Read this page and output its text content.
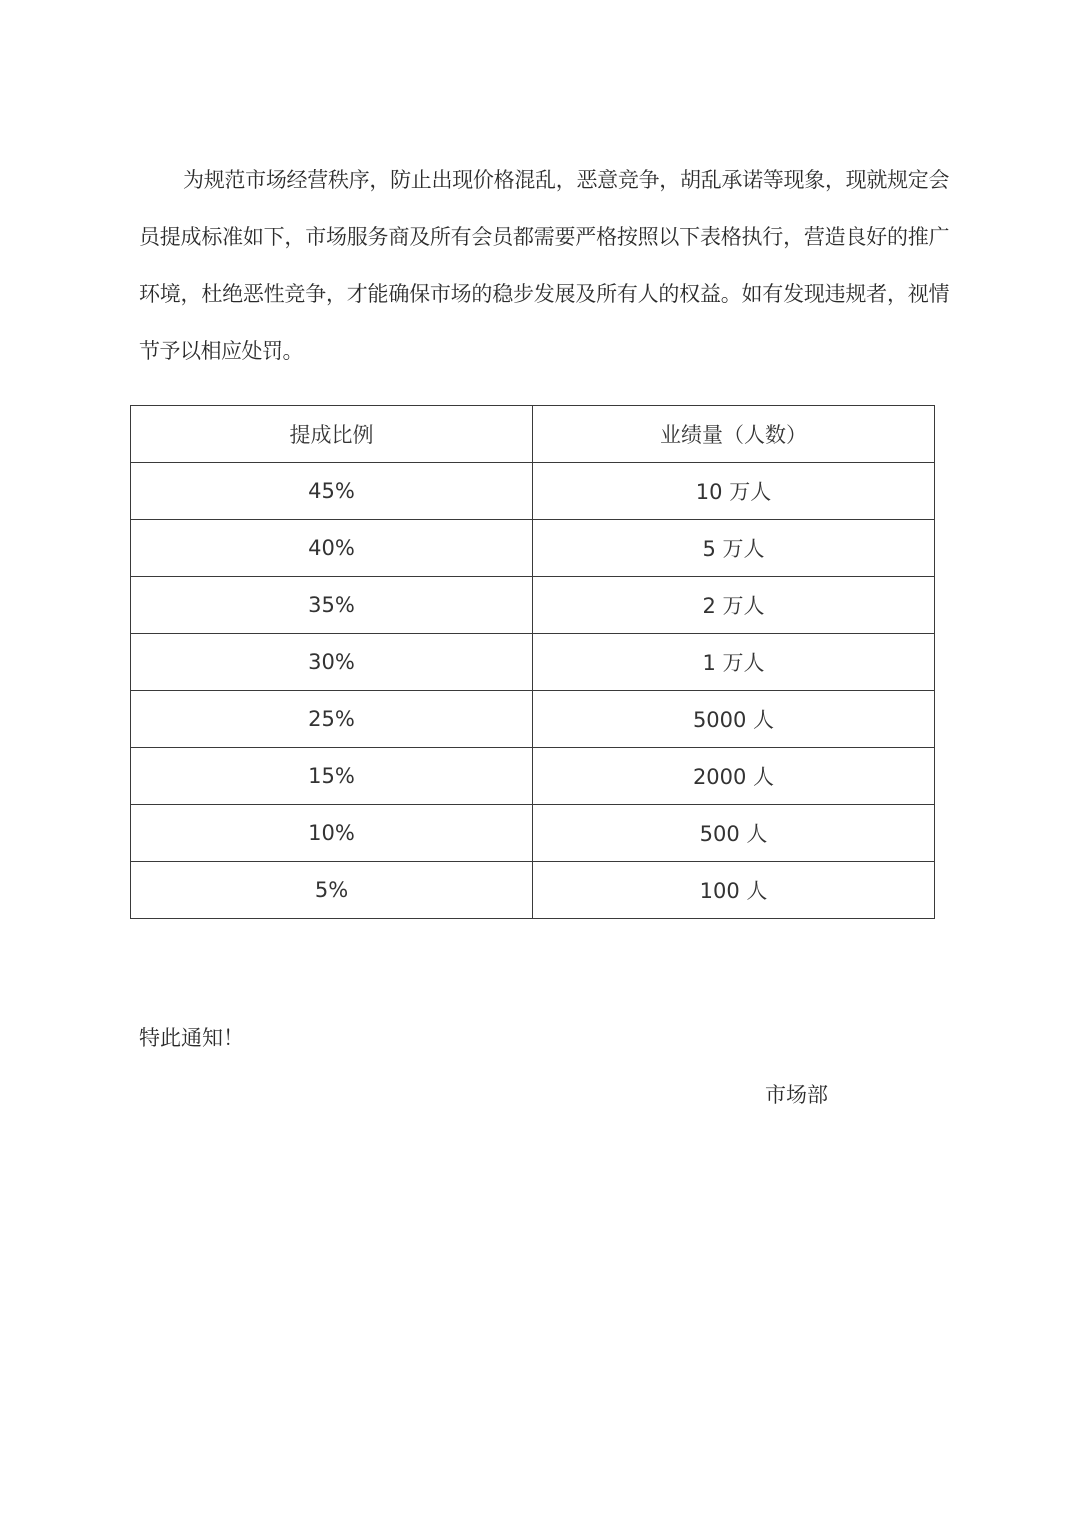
为规范市场经营秩序，防止出现价格混乱，恶意竞争，胡乱承诺等现象，现就规定会员提成标准如下，市场服务商及所有会员都需要严格按照以下表格执行，营造良好的推广环境，杜绝恶性竞争，才能确保市场的稳步发展及所有人的权益。如有发现违规者，视情节予以相应处罚。

提成比例	业绩量（人数）
45%	10 万人
40%	5 万人
35%	2 万人
30%	1 万人
25%	5000 人
15%	2000 人
10%	500 人
5%	100 人

特此通知！

市场部
